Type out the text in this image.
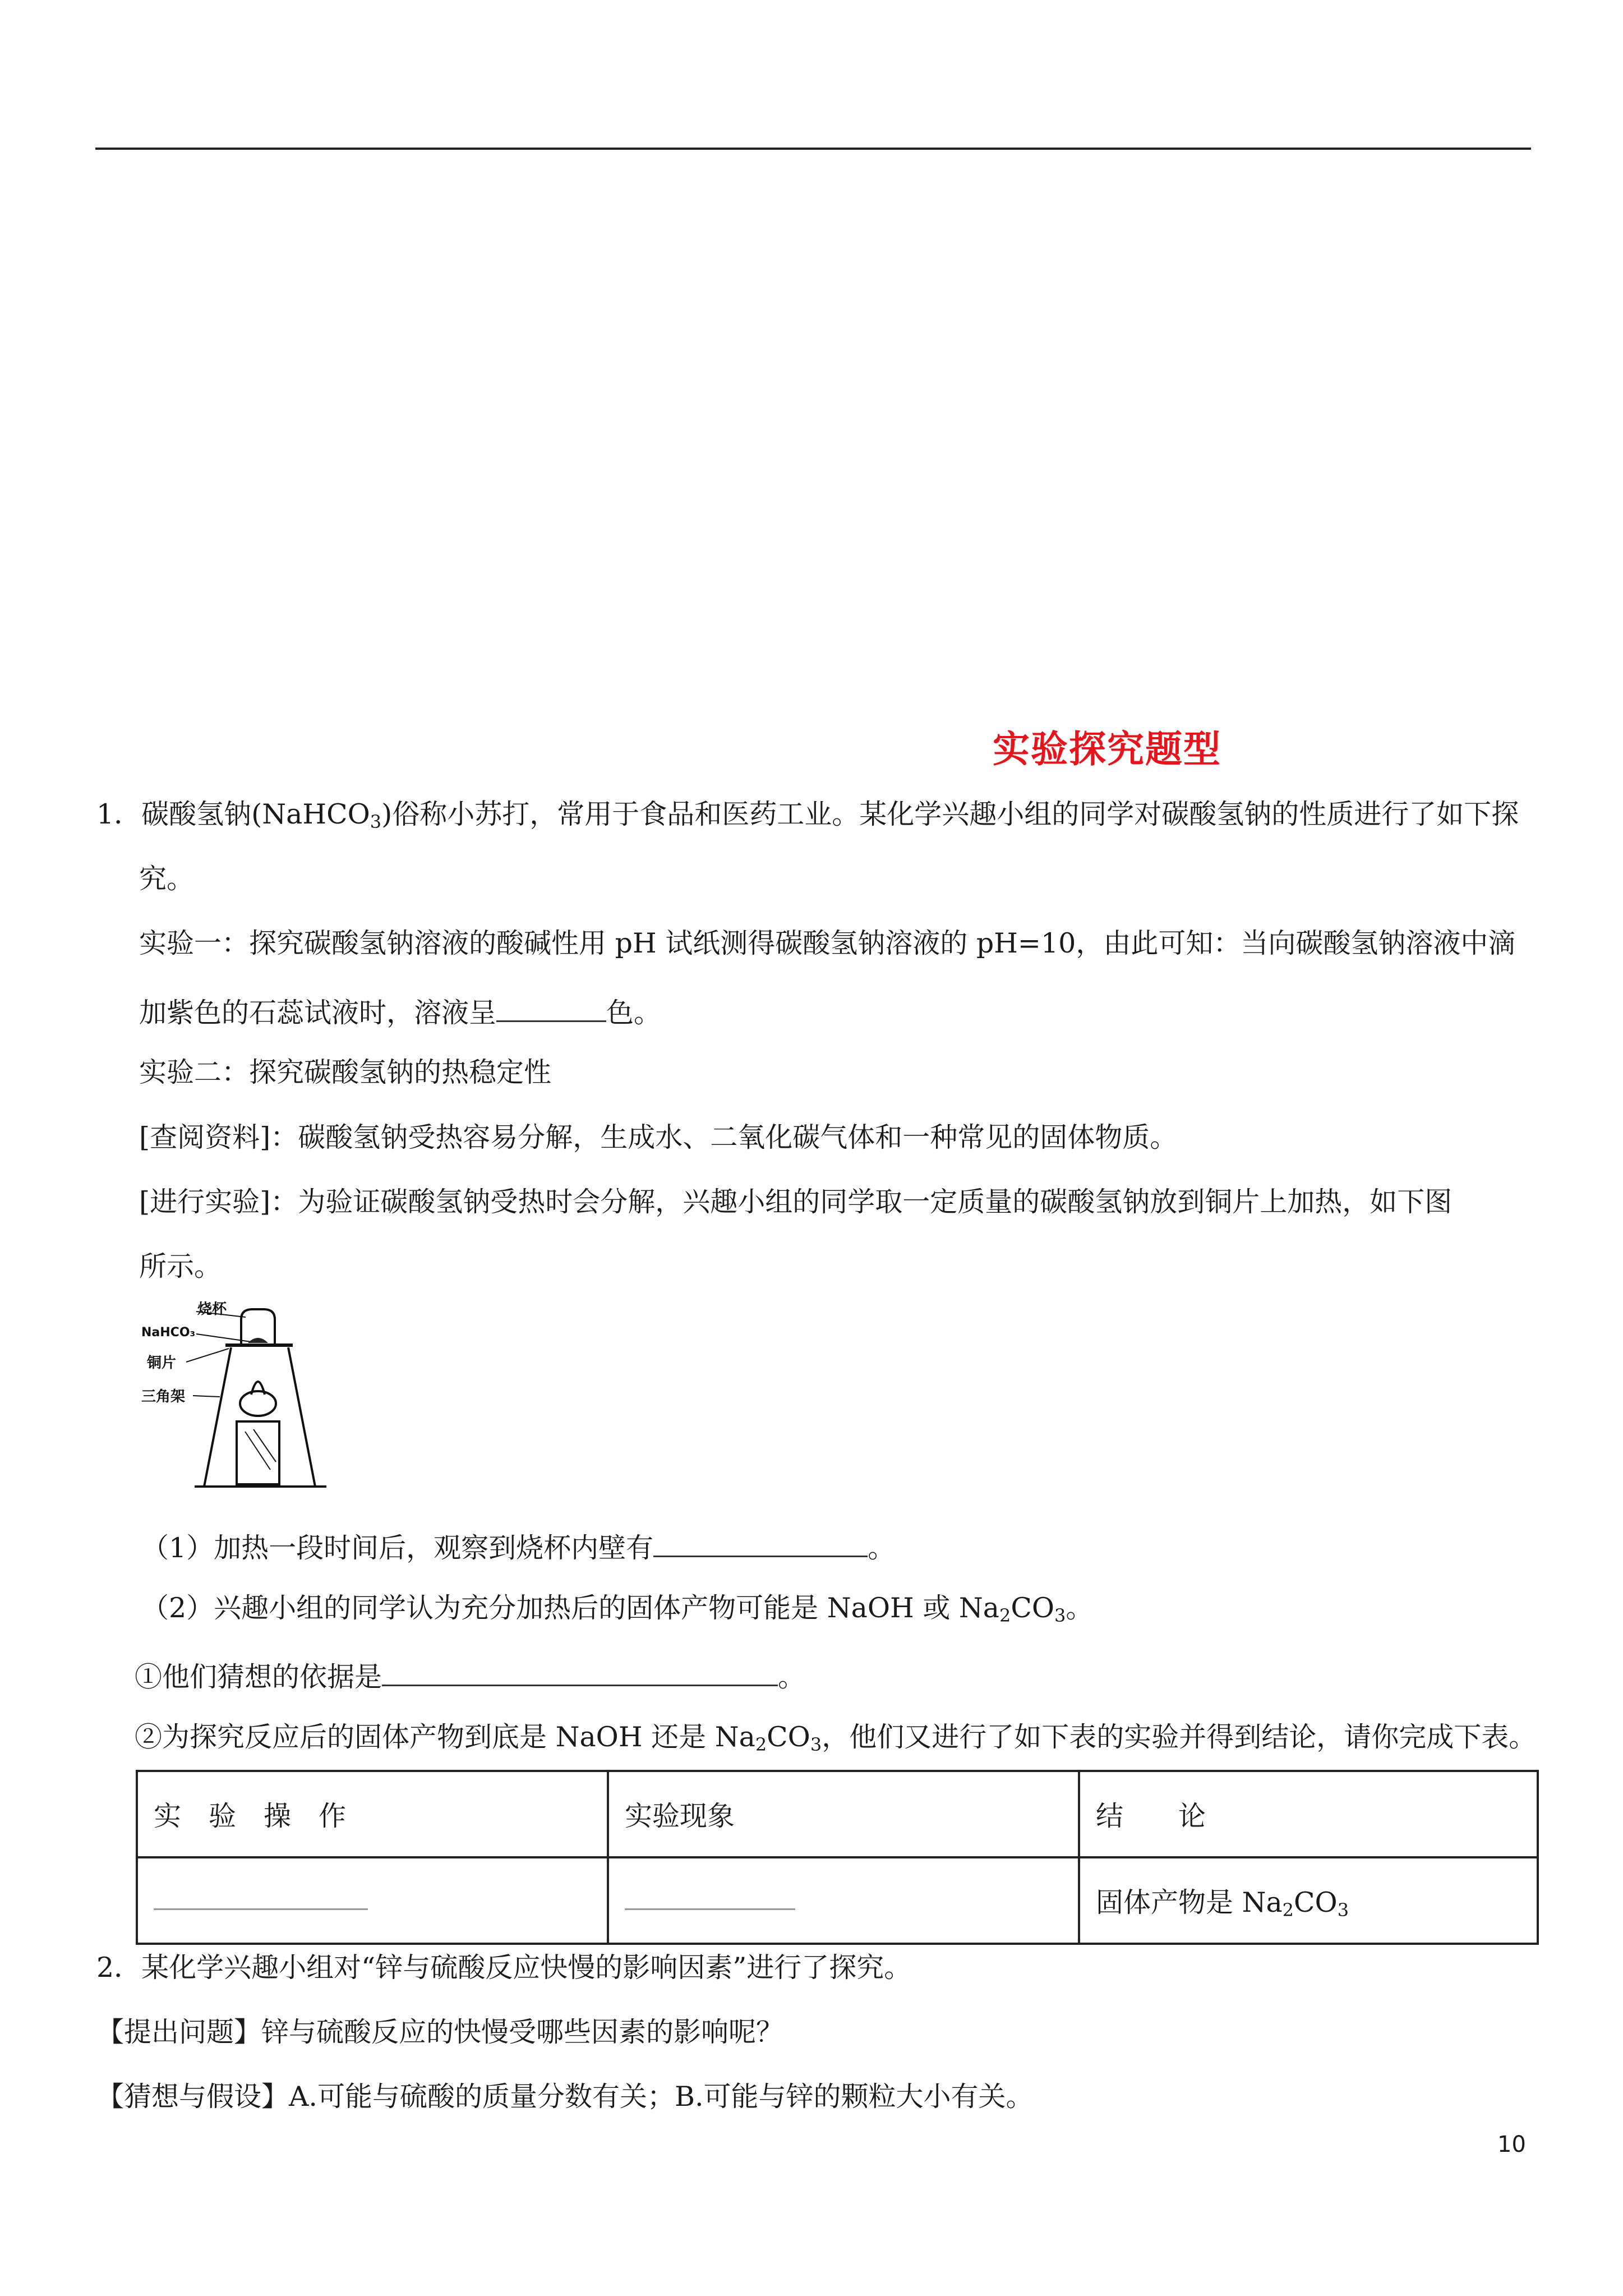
实验探究题型
1．碳酸氢钠(NaHCO$_3$)俗称小苏打，常用于食品和医药工业。某化学兴趣小组的同学对碳酸氢钠的性质进行了如下探
究。
实验一：探究碳酸氢钠溶液的酸碱性用 pH 试纸测得碳酸氢钠溶液的 pH=10，由此可知：当向碳酸氢钠溶液中滴
加紫色的石蕊试液时，溶液呈	色。
实验二：探究碳酸氢钠的热稳定性
[查阅资料]：碳酸氢钠受热容易分解，生成水、二氧化碳气体和一种常见的固体物质。
[进行实验]：为验证碳酸氢钠受热时会分解，兴趣小组的同学取一定质量的碳酸氢钠放到铜片上加热，如下图
所示。
烧杯
NaHCO₃
铜片
三角架
（1）加热一段时间后，观察到烧杯内壁有	。
（2）兴趣小组的同学认为充分加热后的固体产物可能是 NaOH 或 $Na_2CO_3$。
①他们猜想的依据是	。
②为探究反应后的固体产物到底是 NaOH 还是 $Na_2CO_3$，他们又进行了如下表的实验并得到结论，请你完成下表。
实　验　操　作	实验现象	结　　论
		固体产物是 $Na_2CO_3$
2．某化学兴趣小组对“锌与硫酸反应快慢的影响因素”进行了探究。
【提出问题】锌与硫酸反应的快慢受哪些因素的影响呢？
【猜想与假设】A.可能与硫酸的质量分数有关；B.可能与锌的颗粒大小有关。
10
